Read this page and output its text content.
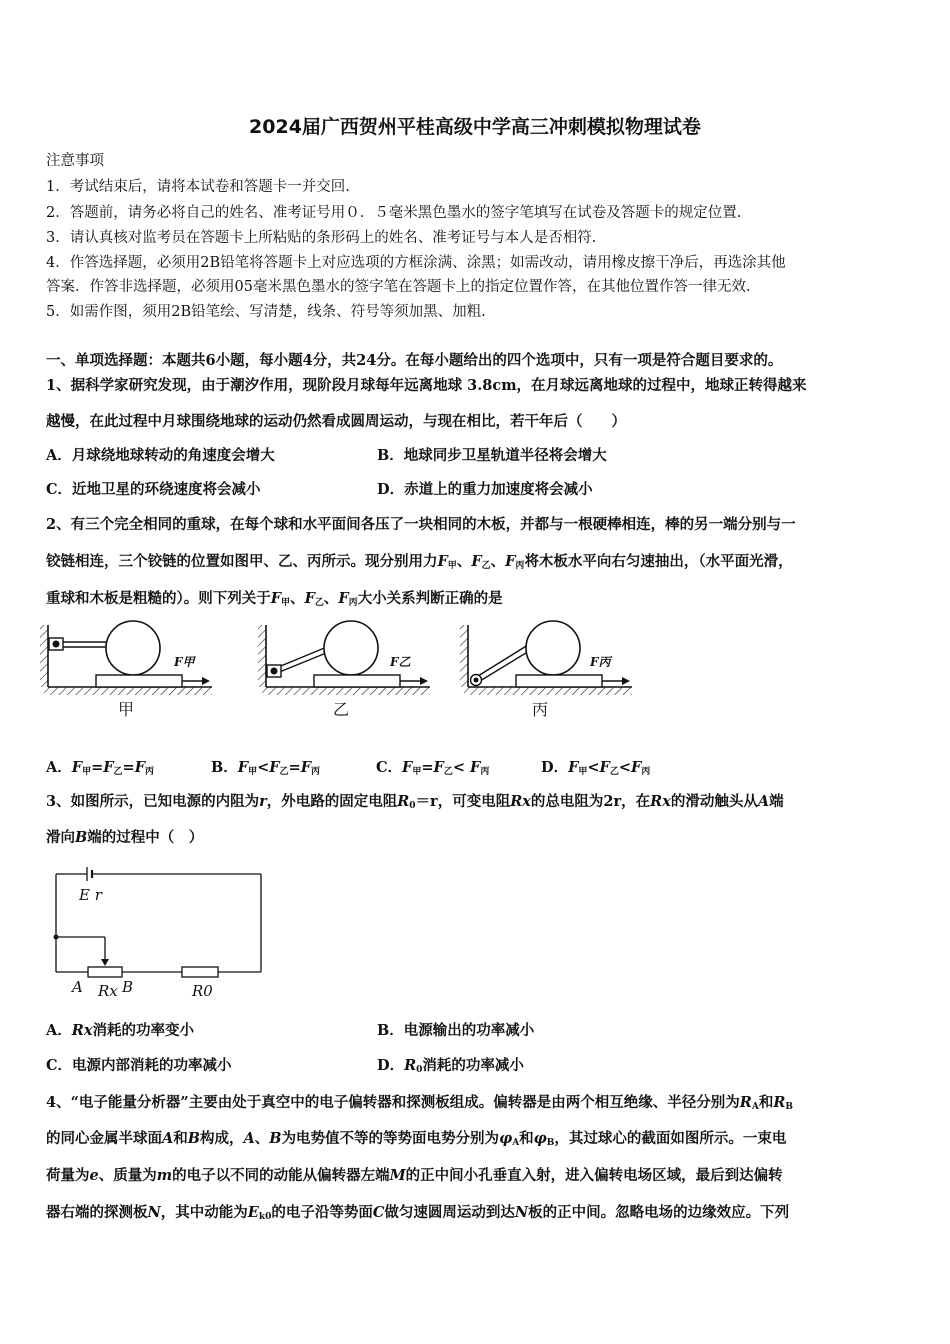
2024届广西贺州平桂高级中学高三冲刺模拟物理试卷
注意事项
1．考试结束后，请将本试卷和答题卡一并交回.
2．答题前，请务必将自己的姓名、准考证号用０．５毫米黑色墨水的签字笔填写在试卷及答题卡的规定位置.
3．请认真核对监考员在答题卡上所粘贴的条形码上的姓名、准考证号与本人是否相符.
4．作答选择题，必须用2B铅笔将答题卡上对应选项的方框涂满、涂黑；如需改动，请用橡皮擦干净后，再选涂其他
答案．作答非选择题，必须用05毫米黑色墨水的签字笔在答题卡上的指定位置作答，在其他位置作答一律无效.
5．如需作图，须用2B铅笔绘、写清楚，线条、符号等须加黑、加粗.
一、单项选择题：本题共6小题，每小题4分，共24分。在每小题给出的四个选项中，只有一项是符合题目要求的。
1、据科学家研究发现，由于潮汐作用，现阶段月球每年远离地球 3.8cm，在月球远离地球的过程中，地球正转得越来
越慢，在此过程中月球围绕地球的运动仍然看成圆周运动，与现在相比，若干年后（　　）
A．月球绕地球转动的角速度会增大	B．地球同步卫星轨道半径将会增大
C．近地卫星的环绕速度将会减小	D．赤道上的重力加速度将会减小
2、有三个完全相同的重球，在每个球和水平面间各压了一块相同的木板，并都与一根硬棒相连，棒的另一端分别与一
铰链相连，三个铰链的位置如图甲、乙、丙所示。现分别用力$F_甲$、$F_乙$、$F_丙$将木板水平向右匀速抽出，（水平面光滑，
重球和木板是粗糙的）。则下列关于$F_甲$、$F_乙$、$F_丙$大小关系判断正确的是
F甲
甲
F乙
乙
F丙
丙
A．$F_甲=F_乙=F_丙$	B．$F_甲<F_乙=F_丙$	C．$F_甲=F_乙< F_丙$	D．$F_甲<F_乙<F_丙$
3、如图所示，已知电源的内阻为r，外电路的固定电阻$R_0=r$，可变电阻Rx的总电阻为2r，在Rx的滑动触头从A端
滑向B端的过程中（　）
E r
A Rx B	R0
A．Rx消耗的功率变小	B．电源输出的功率减小
C．电源内部消耗的功率减小	D．$R_0$消耗的功率减小
4、“电子能量分析器”主要由处于真空中的电子偏转器和探测板组成。偏转器是由两个相互绝缘、半径分别为$R_A$和$R_B$
的同心金属半球面A和B构成，A、B为电势值不等的等势面电势分别为$\varphi_A$和$\varphi_B$，其过球心的截面如图所示。一束电
荷量为e、质量为m的电子以不同的动能从偏转器左端M的正中间小孔垂直入射，进入偏转电场区域，最后到达偏转
器右端的探测板N，其中动能为$E_{k0}$的电子沿等势面C做匀速圆周运动到达N板的正中间。忽略电场的边缘效应。下列
